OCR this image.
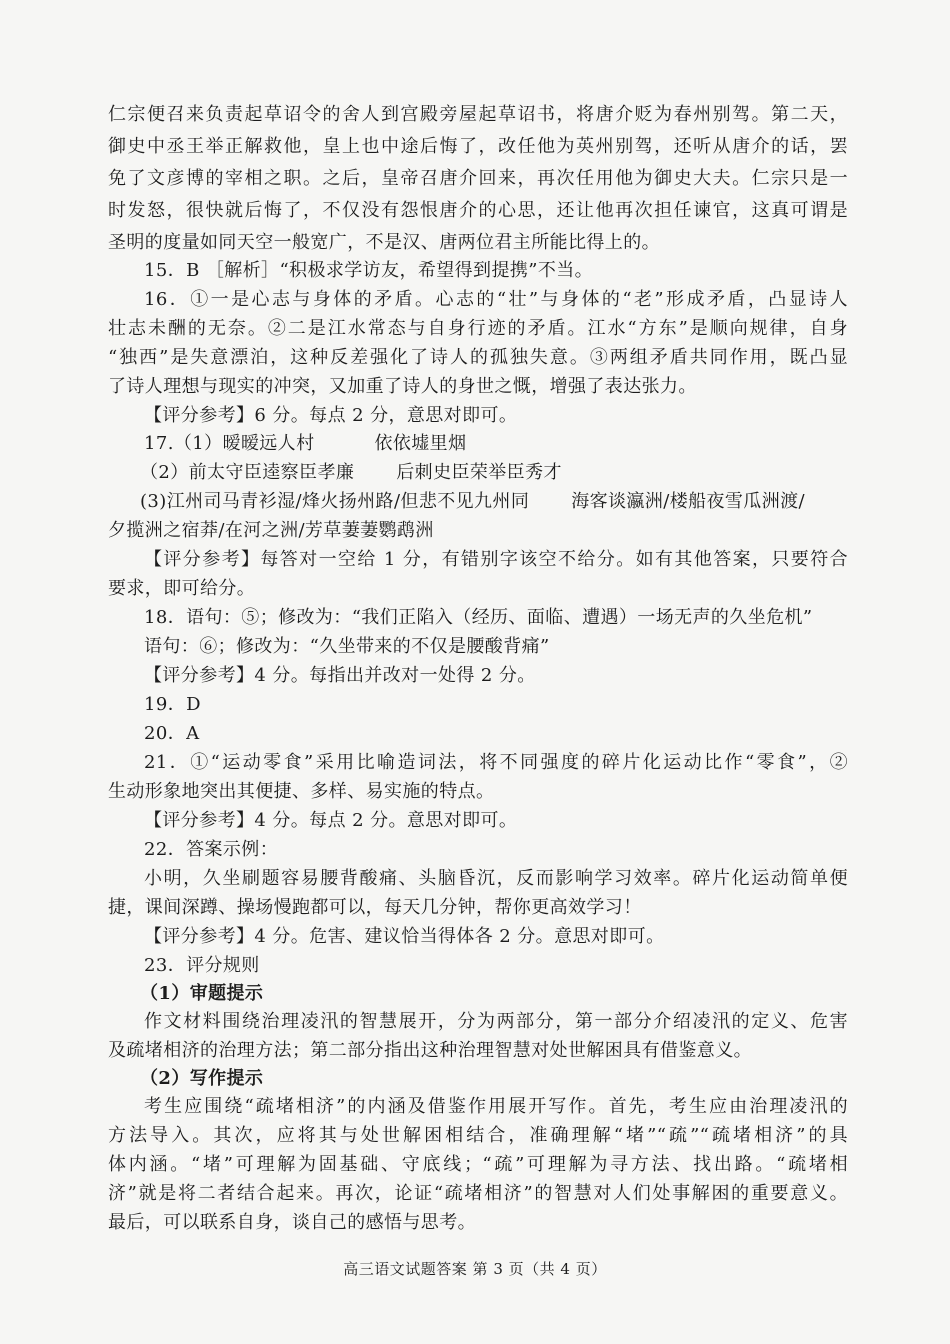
仁宗便召来负责起草诏令的舍人到宫殿旁屋起草诏书，将唐介贬为春州别驾。第二天，
御史中丞王举正解救他，皇上也中途后悔了，改任他为英州别驾，还听从唐介的话，罢
免了文彦博的宰相之职。之后，皇帝召唐介回来，再次任用他为御史大夫。仁宗只是一
时发怒，很快就后悔了，不仅没有怨恨唐介的心思，还让他再次担任谏官，这真可谓是
圣明的度量如同天空一般宽广，不是汉、唐两位君主所能比得上的。
15．B ［解析］“积极求学访友，希望得到提携”不当。
16．①一是心志与身体的矛盾。心志的“壮”与身体的“老”形成矛盾，凸显诗人
壮志未酬的无奈。②二是江水常态与自身行迹的矛盾。江水“方东”是顺向规律，自身
“独西”是失意漂泊，这种反差强化了诗人的孤独失意。③两组矛盾共同作用，既凸显
了诗人理想与现实的冲突，又加重了诗人的身世之慨，增强了表达张力。
【评分参考】6 分。每点 2 分，意思对即可。
17.（1）暧暧远人村	依依墟里烟
（2）前太守臣逵察臣孝廉 后刺史臣荣举臣秀才
(3)江州司马青衫湿/烽火扬州路/但悲不见九州同 海客谈瀛洲/楼船夜雪瓜洲渡/
夕揽洲之宿莽/在河之洲/芳草萋萋鹦鹉洲
【评分参考】每答对一空给 1 分，有错别字该空不给分。如有其他答案，只要符合
要求，即可给分。
18．语句：⑤；修改为：“我们正陷入（经历、面临、遭遇）一场无声的久坐危机”
语句：⑥；修改为：“久坐带来的不仅是腰酸背痛”
【评分参考】4 分。每指出并改对一处得 2 分。
19．D
20．A
21．①“运动零食”采用比喻造词法，将不同强度的碎片化运动比作“零食”，②
生动形象地突出其便捷、多样、易实施的特点。
【评分参考】4 分。每点 2 分。意思对即可。
22．答案示例：
小明，久坐刷题容易腰背酸痛、头脑昏沉，反而影响学习效率。碎片化运动简单便
捷，课间深蹲、操场慢跑都可以，每天几分钟，帮你更高效学习！
【评分参考】4 分。危害、建议恰当得体各 2 分。意思对即可。
23．评分规则
（1）审题提示
作文材料围绕治理凌汛的智慧展开，分为两部分，第一部分介绍凌汛的定义、危害
及疏堵相济的治理方法；第二部分指出这种治理智慧对处世解困具有借鉴意义。
（2）写作提示
考生应围绕“疏堵相济”的内涵及借鉴作用展开写作。首先，考生应由治理凌汛的
方法导入。其次，应将其与处世解困相结合，准确理解“堵”“疏”“疏堵相济”的具
体内涵。“堵”可理解为固基础、守底线；“疏”可理解为寻方法、找出路。“疏堵相
济”就是将二者结合起来。再次，论证“疏堵相济”的智慧对人们处事解困的重要意义。
最后，可以联系自身，谈自己的感悟与思考。
高三语文试题答案 第 3 页（共 4 页）
